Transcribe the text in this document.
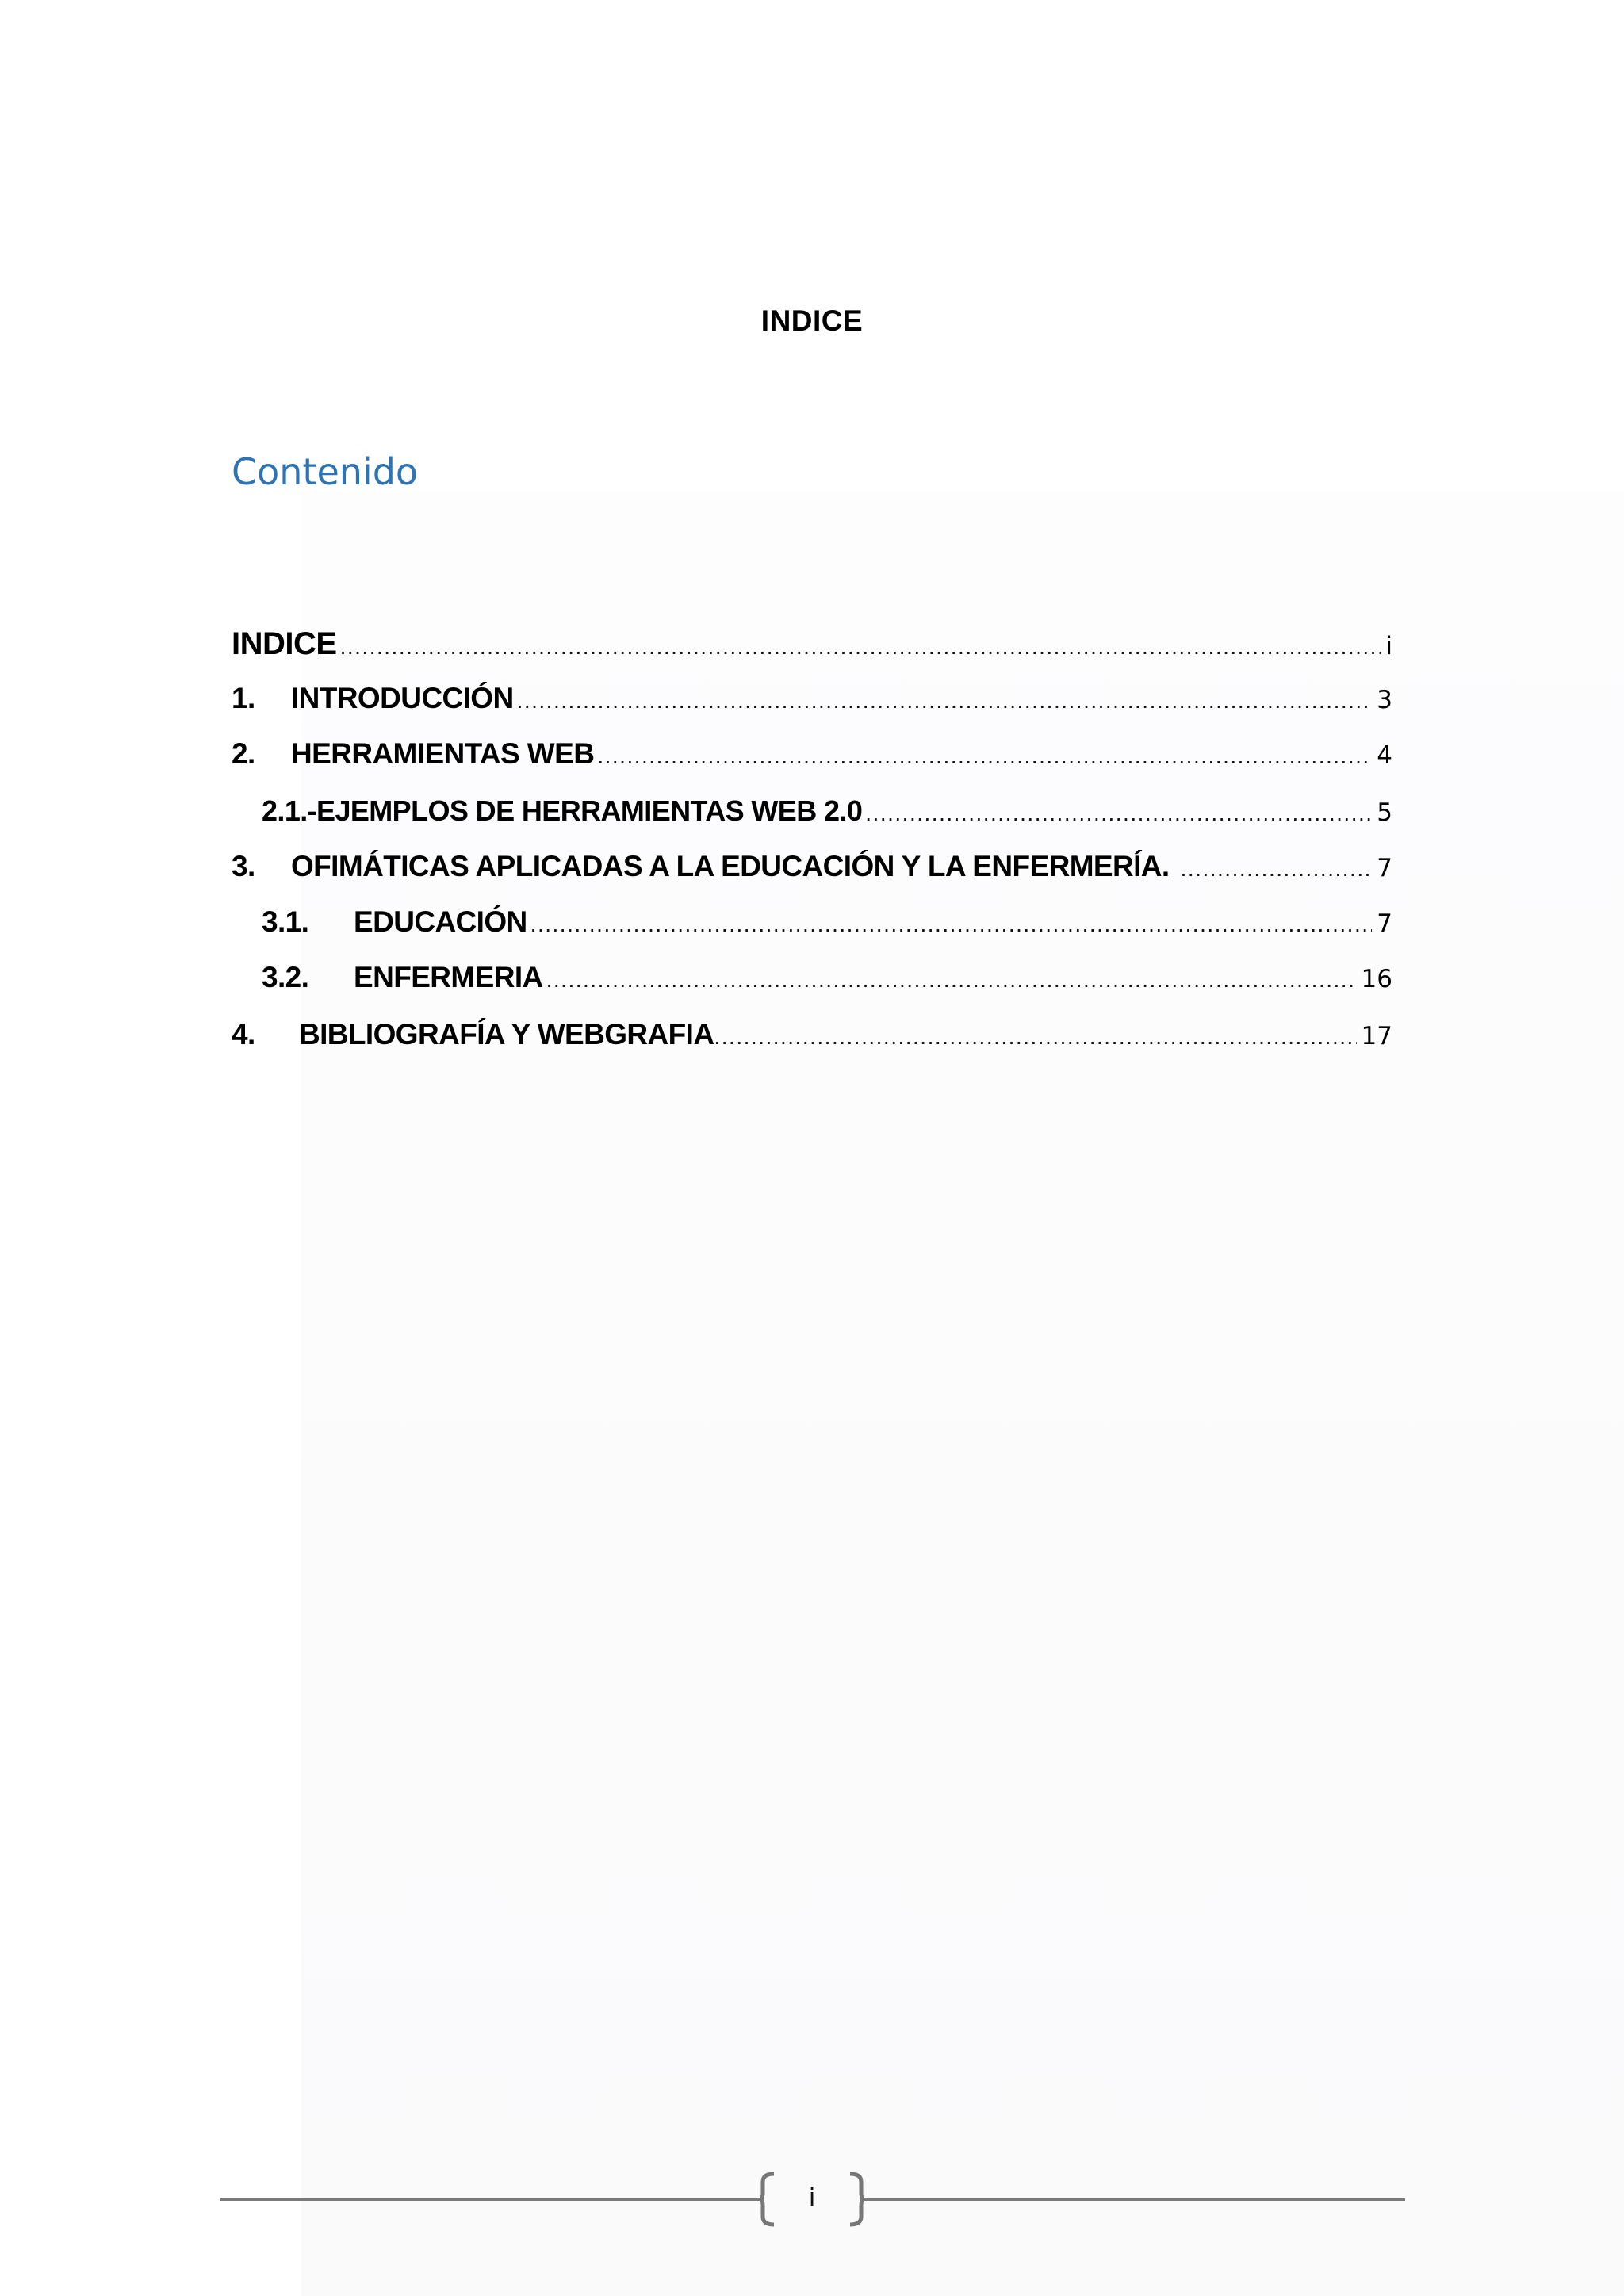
INDICE
Contenido
INDICE .....	i
1.	INTRODUCCIÓN .....	3
2.	HERRAMIENTAS WEB .....	4
2.1.-EJEMPLOS DE HERRAMIENTAS WEB 2.0 .....	5
3.	OFIMÁTICAS APLICADAS A LA EDUCACIÓN Y LA ENFERMERÍA. .....	7
3.1.	EDUCACIÓN .....	7
3.2.	ENFERMERIA .....	16
4.	BIBLIOGRAFÍA Y WEBGRAFIA .....	17
i
